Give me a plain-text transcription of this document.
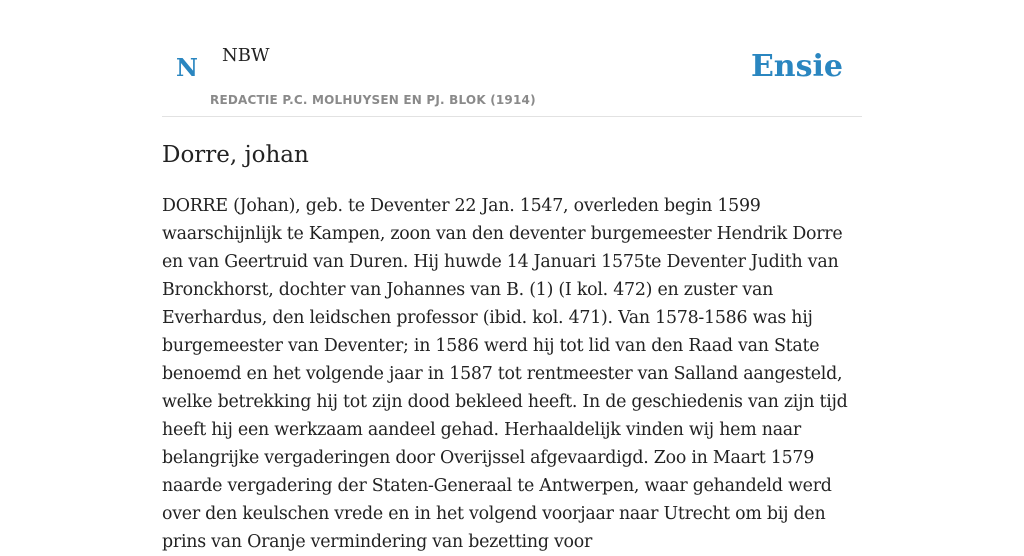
N NBW
REDACTIE P.C. MOLHUYSEN EN PJ. BLOK (1914)
Ensie
Dorre, johan

DORRE (Johan), geb. te Deventer 22 Jan. 1547, overleden begin 1599 waarschijnlijk te Kampen, zoon van den deventer burgemeester Hendrik Dorre en van Geertruid van Duren. Hij huwde 14 Januari 1575te Deventer Judith van Bronckhorst, dochter van Johannes van B. (1) (I kol. 472) en zuster van Everhardus, den leidschen professor (ibid. kol. 471). Van 1578-1586 was hij burgemeester van Deventer; in 1586 werd hij tot lid van den Raad van State benoemd en het volgende jaar in 1587 tot rentmeester van Salland aangesteld, welke betrekking hij tot zijn dood bekleed heeft. In de geschiedenis van zijn tijd heeft hij een werkzaam aandeel gehad. Herhaaldelijk vinden wij hem naar belangrijke vergaderingen door Overijssel afgevaardigd. Zoo in Maart 1579 naarde vergadering der Staten-Generaal te Antwerpen, waar gehandeld werd over den keulschen vrede en in het volgend voorjaar naar Utrecht om bij den prins van Oranje vermindering van bezetting voor
